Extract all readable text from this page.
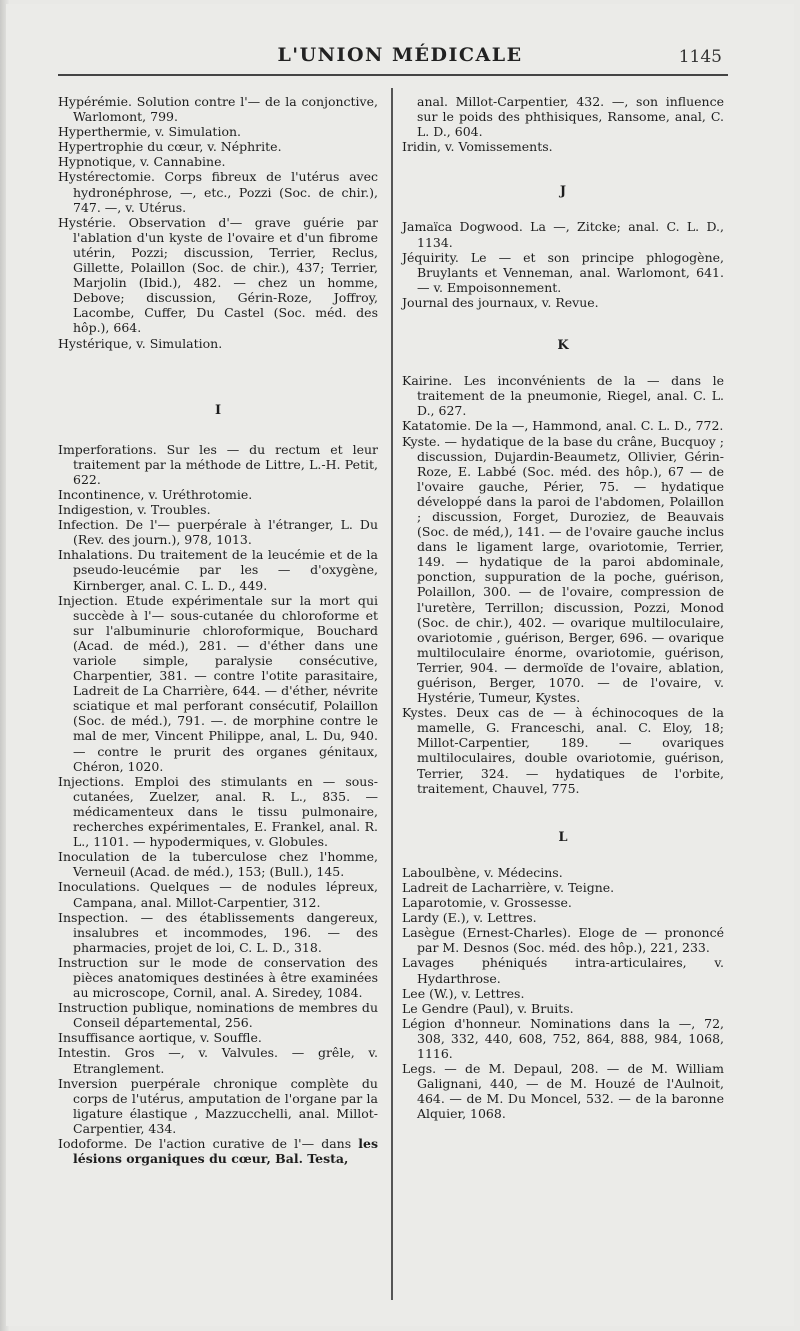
L'UNION MÉDICALE	1145

Hypérémie. Solution contre l'— de la conjonctive, Warlomont, 799.

Hyperthermie, v. Simulation.

Hypertrophie du cœur, v. Néphrite.

Hypnotique, v. Cannabine.

Hystérectomie. Corps fibreux de l'utérus avec hydronéphrose, —, etc., Pozzi (Soc. de chir.), 747. —, v. Utérus.

Hystérie. Observation d'— grave guérie par l'ablation d'un kyste de l'ovaire et d'un fibrome utérin, Pozzi; discussion, Terrier, Reclus, Gillette, Polaillon (Soc. de chir.), 437; Terrier, Marjolin (Ibid.), 482. — chez un homme, Debove; discussion, Gérin-Roze, Joffroy, Lacombe, Cuffer, Du Castel (Soc. méd. des hôp.), 664.

Hystérique, v. Simulation.

I

Imperforations. Sur les — du rectum et leur traitement par la méthode de Littre, L.-H. Petit, 622.

Incontinence, v. Uréthrotomie.

Indigestion, v. Troubles.

Infection. De l'— puerpérale à l'étranger, L. Du (Rev. des journ.), 978, 1013.

Inhalations. Du traitement de la leucémie et de la pseudo-leucémie par les — d'oxygène, Kirnberger, anal. C. L. D., 449.

Injection. Etude expérimentale sur la mort qui succède à l'— sous-cutanée du chloroforme et sur l'albuminurie chloroformique, Bouchard (Acad. de méd.), 281. — d'éther dans une variole simple, paralysie consécutive, Charpentier, 381. — contre l'otite parasitaire, Ladreit de La Charrière, 644. — d'éther, névrite sciatique et mal perforant consécutif, Polaillon (Soc. de méd.), 791. —. de morphine contre le mal de mer, Vincent Philippe, anal, L. Du, 940. — contre le prurit des organes génitaux, Chéron, 1020.

Injections. Emploi des stimulants en — sous-cutanées, Zuelzer, anal. R. L., 835. — médicamenteux dans le tissu pulmonaire, recherches expérimentales, E. Frankel, anal. R. L., 1101. — hypodermiques, v. Globules.

Inoculation de la tuberculose chez l'homme, Verneuil (Acad. de méd.), 153; (Bull.), 145.

Inoculations. Quelques — de nodules lépreux, Campana, anal. Millot-Carpentier, 312.

Inspection. — des établissements dangereux, insalubres et incommodes, 196. — des pharmacies, projet de loi, C. L. D., 318.

Instruction sur le mode de conservation des pièces anatomiques destinées à être examinées au microscope, Cornil, anal. A. Siredey, 1084.

Instruction publique, nominations de membres du Conseil départemental, 256.

Insuffisance aortique, v. Souffle.

Intestin. Gros —, v. Valvules. — grêle, v. Etranglement.

Inversion puerpérale chronique complète du corps de l'utérus, amputation de l'organe par la ligature élastique , Mazzucchelli, anal. Millot-Carpentier, 434.

Iodoforme. De l'action curative de l'— dans les lésions organiques du cœur, Bal. Testa,

anal. Millot-Carpentier, 432. —, son influence sur le poids des phthisiques, Ransome, anal, C. L. D., 604.

Iridin, v. Vomissements.

J

Jamaïca Dogwood. La —, Zitcke; anal. C. L. D., 1134.

Jéquirity. Le — et son principe phlogogène, Bruylants et Venneman, anal. Warlomont, 641. — v. Empoisonnement.

Journal des journaux, v. Revue.

K

Kairine. Les inconvénients de la — dans le traitement de la pneumonie, Riegel, anal. C. L. D., 627.

Katatomie. De la —, Hammond, anal. C. L. D., 772.

Kyste. — hydatique de la base du crâne, Bucquoy ; discussion, Dujardin-Beaumetz, Ollivier, Gérin-Roze, E. Labbé (Soc. méd. des hôp.), 67 — de l'ovaire gauche, Périer, 75. — hydatique développé dans la paroi de l'abdomen, Polaillon ; discussion, Forget, Duroziez, de Beauvais (Soc. de méd,), 141. — de l'ovaire gauche inclus dans le ligament large, ovariotomie, Terrier, 149. — hydatique de la paroi abdominale, ponction, suppuration de la poche, guérison, Polaillon, 300. — de l'ovaire, compression de l'uretère, Terrillon; discussion, Pozzi, Monod (Soc. de chir.), 402. — ovarique multiloculaire, ovariotomie , guérison, Berger, 696. — ovarique multiloculaire énorme, ovariotomie, guérison, Terrier, 904. — dermoïde de l'ovaire, ablation, guérison, Berger, 1070. — de l'ovaire, v. Hystérie, Tumeur, Kystes.

Kystes. Deux cas de — à échinocoques de la mamelle, G. Franceschi, anal. C. Eloy, 18; Millot-Carpentier, 189. — ovariques multiloculaires, double ovariotomie, guérison, Terrier, 324. — hydatiques de l'orbite, traitement, Chauvel, 775.

L

Laboulbène, v. Médecins.

Ladreit de Lacharrière, v. Teigne.

Laparotomie, v. Grossesse.

Lardy (E.), v. Lettres.

Lasègue (Ernest-Charles). Eloge de — prononcé par M. Desnos (Soc. méd. des hôp.), 221, 233.

Lavages phéniqués intra-articulaires, v. Hydarthrose.

Lee (W.), v. Lettres.

Le Gendre (Paul), v. Bruits.

Légion d'honneur. Nominations dans la —, 72, 308, 332, 440, 608, 752, 864, 888, 984, 1068, 1116.

Legs. — de M. Depaul, 208. — de M. William Galignani, 440, — de M. Houzé de l'Aulnoit, 464. — de M. Du Moncel, 532. — de la baronne Alquier, 1068.
